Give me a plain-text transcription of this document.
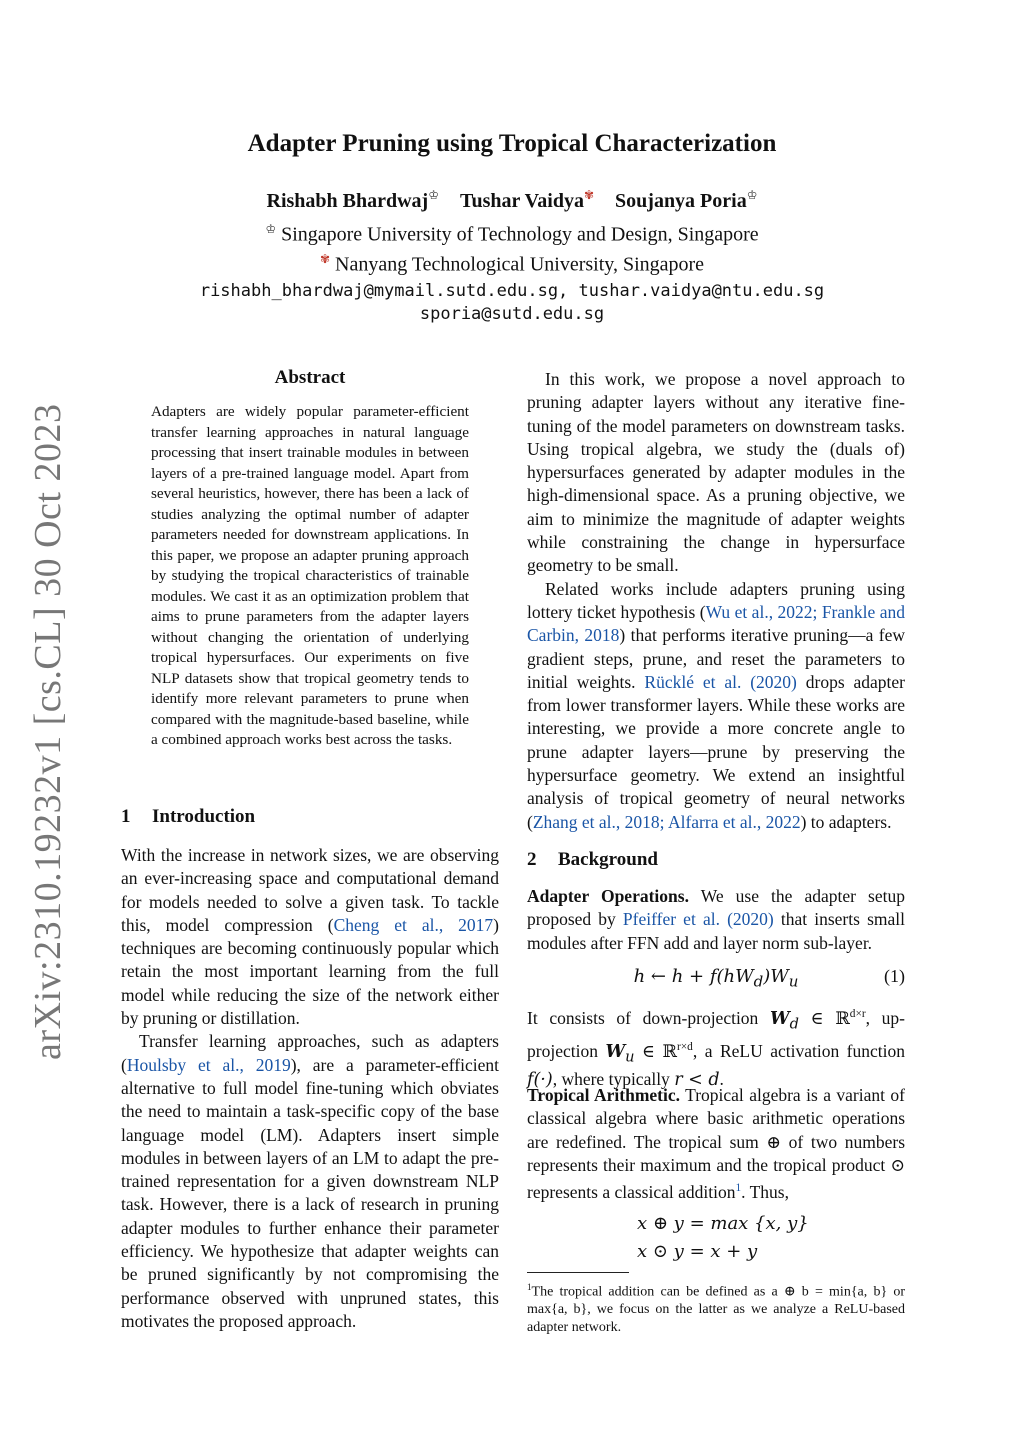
arXiv:2310.19232v1 [cs.CL] 30 Oct 2023
Adapter Pruning using Tropical Characterization
Rishabh Bhardwaj♔ Tushar Vaidya✾ Soujanya Poria♔
♔ Singapore University of Technology and Design, Singapore
✾ Nanyang Technological University, Singapore
rishabh_bhardwaj@mymail.sutd.edu.sg, tushar.vaidya@ntu.edu.sg
sporia@sutd.edu.sg
Abstract
Adapters are widely popular parameter-efficient transfer learning approaches in natural language processing that insert trainable modules in between layers of a pre-trained language model. Apart from several heuristics, however, there has been a lack of studies analyzing the optimal number of adapter parameters needed for downstream applications. In this paper, we propose an adapter pruning approach by studying the tropical characteristics of trainable modules. We cast it as an optimization problem that aims to prune parameters from the adapter layers without changing the orientation of underlying tropical hypersurfaces. Our experiments on five NLP datasets show that tropical geometry tends to identify more relevant parameters to prune when compared with the magnitude-based baseline, while a combined approach works best across the tasks.
1 Introduction

With the increase in network sizes, we are observing an ever-increasing space and computational demand for models needed to solve a given task. To tackle this, model compression (Cheng et al., 2017) techniques are becoming continuously popular which retain the most important learning from the full model while reducing the size of the network either by pruning or distillation.

Transfer learning approaches, such as adapters (Houlsby et al., 2019), are a parameter-efficient alternative to full model fine-tuning which obviates the need to maintain a task-specific copy of the base language model (LM). Adapters insert simple modules in between layers of an LM to adapt the pre-trained representation for a given downstream NLP task. However, there is a lack of research in pruning adapter modules to further enhance their parameter efficiency. We hypothesize that adapter weights can be pruned significantly by not compromising the performance observed with unpruned states, this motivates the proposed approach.

In this work, we propose a novel approach to pruning adapter layers without any iterative fine-tuning of the model parameters on downstream tasks. Using tropical algebra, we study the (duals of) hypersurfaces generated by adapter modules in the high-dimensional space. As a pruning objective, we aim to minimize the magnitude of adapter weights while constraining the change in hypersurface geometry to be small.

Related works include adapters pruning using lottery ticket hypothesis (Wu et al., 2022; Frankle and Carbin, 2018) that performs iterative pruning—a few gradient steps, prune, and reset the parameters to initial weights. Rücklé et al. (2020) drops adapter from lower transformer layers. While these works are interesting, we provide a more concrete angle to prune adapter layers—prune by preserving the hypersurface geometry. We extend an insightful analysis of tropical geometry of neural networks (Zhang et al., 2018; Alfarra et al., 2022) to adapters.

2 Background

Adapter Operations. We use the adapter setup proposed by Pfeiffer et al. (2020) that inserts small modules after FFN add and layer norm sub-layer.

h ← $h + f(hW_d)W_u$	(1)

It consists of down-projection $W_d$ ∈ ℝ$^{d\times r}$, up-projection $W_u$ ∈ ℝ$^{r\times d}$, a ReLU activation function f(·), where typically r < d.

Tropical Arithmetic. Tropical algebra is a variant of classical algebra where basic arithmetic operations are redefined. The tropical sum ⊕ of two numbers represents their maximum and the tropical product ⊙ represents a classical addition$^1$. Thus,

x ⊕ y = max {x, y}
x ⊙ y = x + y
$^1$The tropical addition can be defined as a ⊕ b = min{a, b} or max{a, b}, we focus on the latter as we analyze a ReLU-based adapter network.
